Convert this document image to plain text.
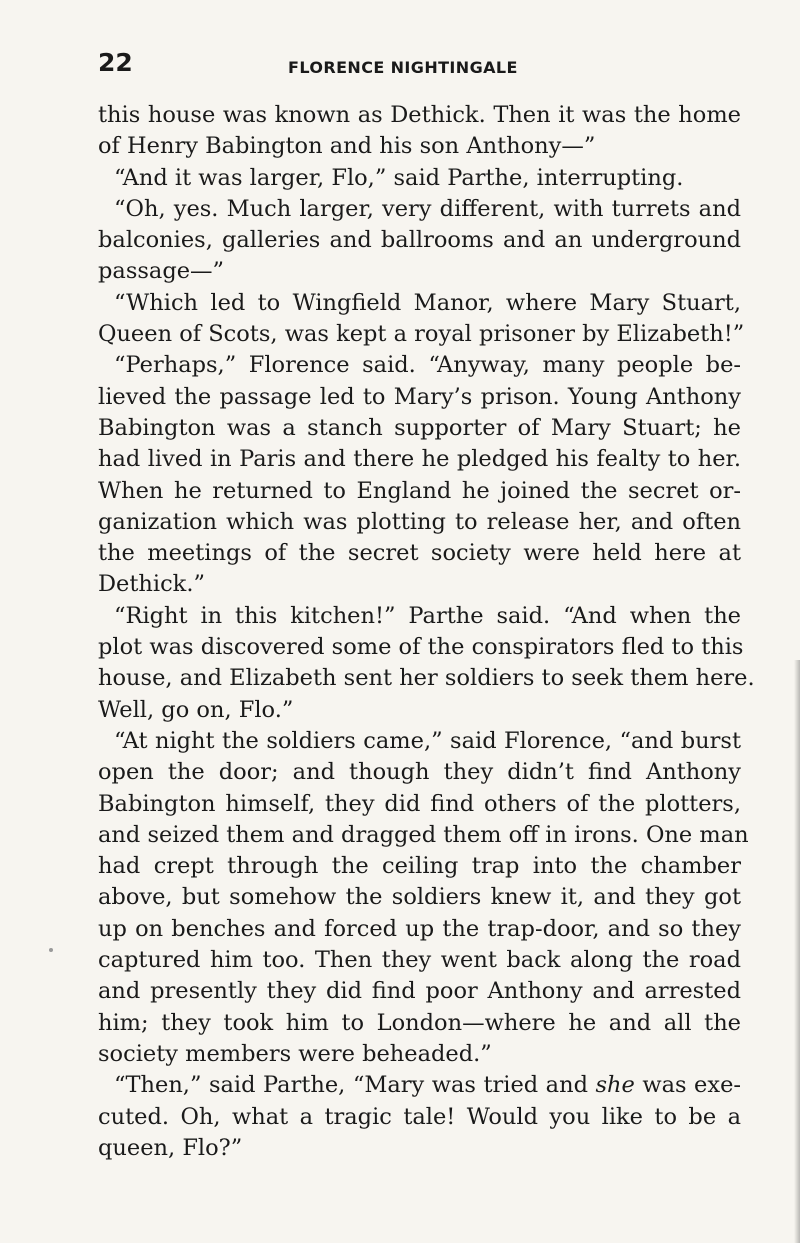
22	FLORENCE NIGHTINGALE
this house was known as Dethick. Then it was the home
of Henry Babington and his son Anthony—”
“And it was larger, Flo,” said Parthe, interrupting.
“Oh, yes. Much larger, very different, with turrets and
balconies, galleries and ballrooms and an underground
passage—”
“Which led to Wingfield Manor, where Mary Stuart,
Queen of Scots, was kept a royal prisoner by Elizabeth!”
“Perhaps,” Florence said. “Anyway, many people be-
lieved the passage led to Mary’s prison. Young Anthony
Babington was a stanch supporter of Mary Stuart; he
had lived in Paris and there he pledged his fealty to her.
When he returned to England he joined the secret or-
ganization which was plotting to release her, and often
the meetings of the secret society were held here at
Dethick.”
“Right in this kitchen!” Parthe said. “And when the
plot was discovered some of the conspirators fled to this
house, and Elizabeth sent her soldiers to seek them here.
Well, go on, Flo.”
“At night the soldiers came,” said Florence, “and burst
open the door; and though they didn’t find Anthony
Babington himself, they did find others of the plotters,
and seized them and dragged them off in irons. One man
had crept through the ceiling trap into the chamber
above, but somehow the soldiers knew it, and they got
up on benches and forced up the trap-door, and so they
captured him too. Then they went back along the road
and presently they did find poor Anthony and arrested
him; they took him to London—where he and all the
society members were beheaded.”
“Then,” said Parthe, “Mary was tried and she was exe-
cuted. Oh, what a tragic tale! Would you like to be a
queen, Flo?”
